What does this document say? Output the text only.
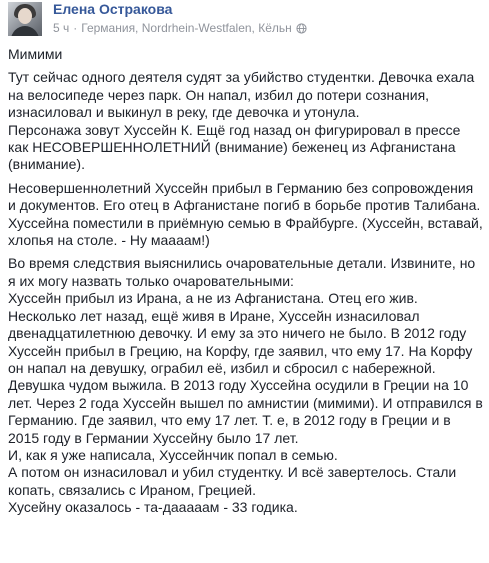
Елена Остракова
5 ч · Германия, Nordrhein-Westfalen, Кёльн
Мимими
Тут сейчас одного деятеля судят за убийство студентки. Девочка ехала
на велосипеде через парк. Он напал, избил до потери сознания,
изнасиловал и выкинул в реку, где девочка и утонула.
Персонажа зовут Хуссейн К. Ещё год назад он фигурировал в прессе
как НЕСОВЕРШЕННОЛЕТНИЙ (внимание) беженец из Афганистана
(внимание).
Несовершеннолетний Хуссейн прибыл в Германию без сопровождения
и документов. Его отец в Афганистане погиб в борьбе против Талибана.
Хуссейна поместили в приёмную семью в Фрайбурге. (Хуссейн, вставай,
хлопья на столе. - Ну маааам!)
Во время следствия выяснились очаровательные детали. Извините, но
я их могу назвать только очаровательными:
Хуссейн прибыл из Ирана, а не из Афганистана. Отец его жив.
Несколько лет назад, ещё живя в Иране, Хуссейн изнасиловал
двенадцатилетнюю девочку. И ему за это ничего не было. В 2012 году
Хуссейн прибыл в Грецию, на Корфу, где заявил, что ему 17. На Корфу
он напал на девушку, ограбил её, избил и сбросил с набережной.
Девушка чудом выжила. В 2013 году Хуссейна осудили в Греции на 10
лет. Через 2 года Хуссейн вышел по амнистии (мимими). И отправился в
Германию. Где заявил, что ему 17 лет. Т. е, в 2012 году в Греции и в
2015 году в Германии Хуссейну было 17 лет.
И, как я уже написала, Хуссейнчик попал в семью.
А потом он изнасиловал и убил студентку. И всё завертелось. Стали
копать, связались с Ираном, Грецией.
Хусейну оказалось - та-дааааам - 33 годика.
